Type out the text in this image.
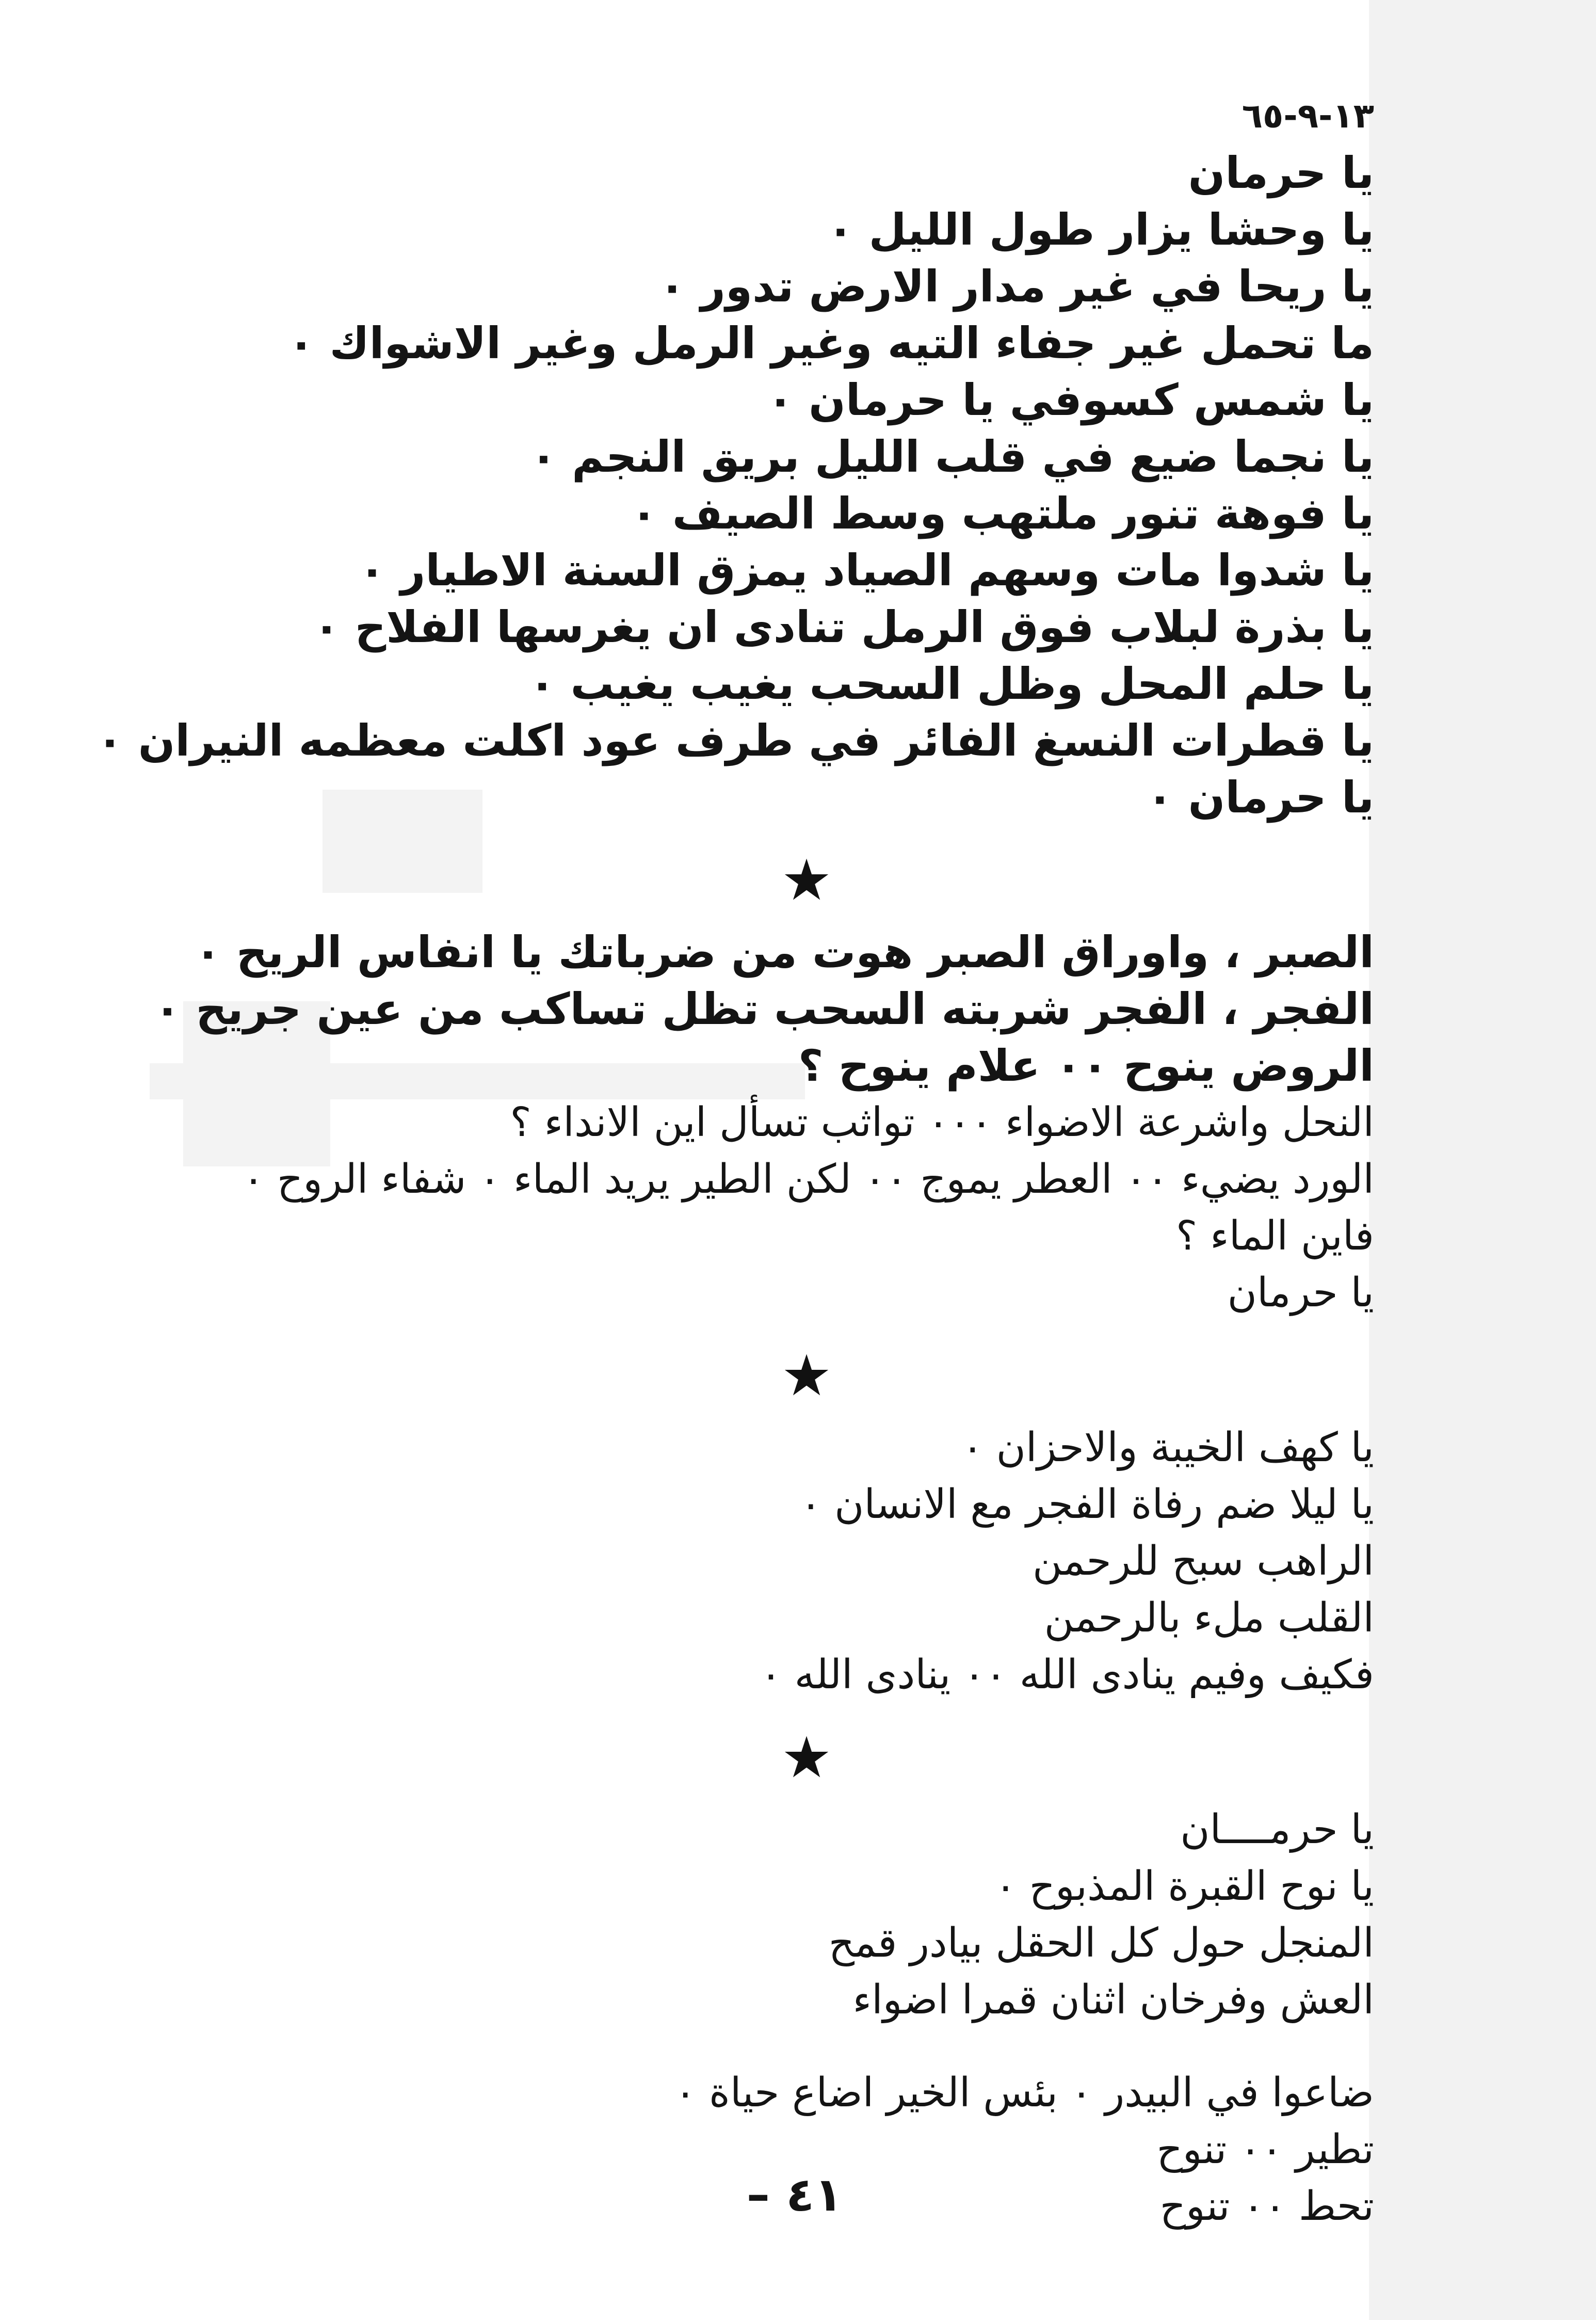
١٣-٩-٦٥
يا حرمان
يا وحشا يزار طول الليل ٠
يا ريحا في غير مدار الارض تدور ٠
ما تحمل غير جفاء التيه وغير الرمل وغير الاشواك ٠
يا شمس كسوفي يا حرمان ٠
يا نجما ضيع في قلب الليل بريق النجم ٠
يا فوهة تنور ملتهب وسط الصيف ٠
يا شدوا مات وسهم الصياد يمزق السنة الاطيار ٠
يا بذرة لبلاب فوق الرمل تنادى ان يغرسها الفلاح ٠
يا حلم المحل وظل السحب يغيب يغيب ٠
يا قطرات النسغ الفائر في طرف عود اكلت معظمه النيران ٠
يا حرمان ٠
★
الصبر ، واوراق الصبر هوت من ضرباتك يا انفاس الريح ٠
الفجر ، الفجر شربته السحب تظل تساكب من عين جريح ٠
الروض ينوح ٠٠ علام ينوح ؟
النحل واشرعة الاضواء ٠٠٠ تواثب تسأل اين الانداء ؟
الورد يضيء ٠٠ العطر يموج ٠٠ لكن الطير يريد الماء ٠ شفاء الروح ٠
فاين الماء ؟
يا حرمان
★
يا كهف الخيبة والاحزان ٠
يا ليلا ضم رفاة الفجر مع الانسان ٠
الراهب سبح للرحمن
القلب ملء بالرحمن
فكيف وفيم ينادى الله ٠٠ ينادى الله ٠
★
يا حرمــــان
يا نوح القبرة المذبوح ٠
المنجل حول كل الحقل بيادر قمح
العش وفرخان اثنان قمرا اضواء
ضاعوا في البيدر ٠ بئس الخير اضاع حياة ٠
تطير ٠٠ تنوح
تحط ٠٠ تنوح
٤١ –
